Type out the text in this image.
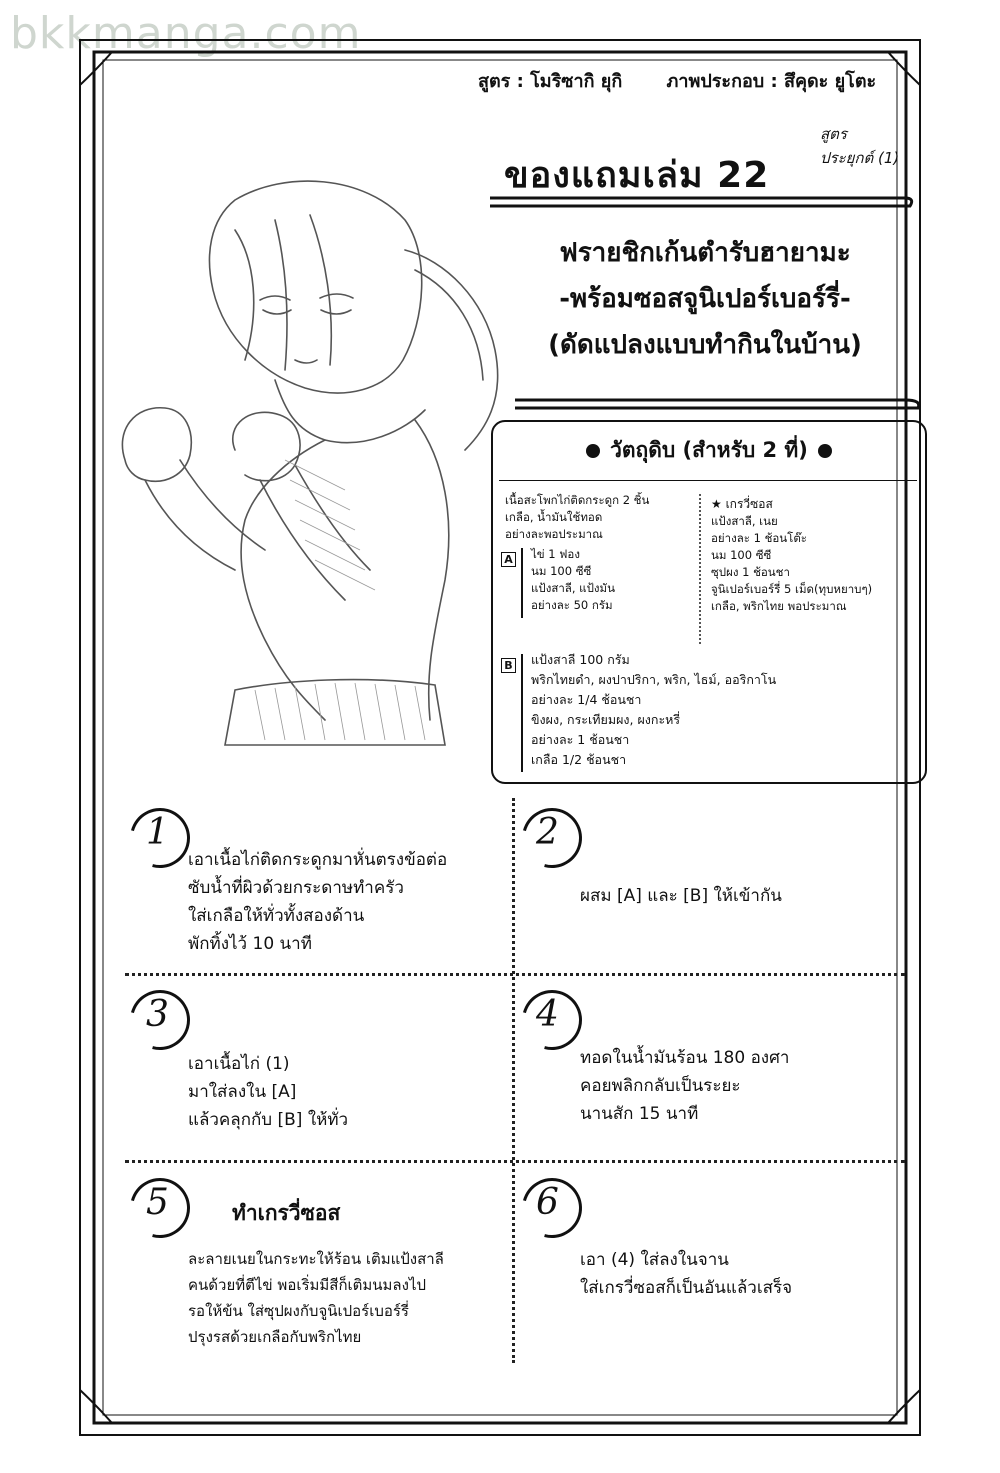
bkkmanga.com
สูตร : โมริซากิ ยุกิ ภาพประกอบ : สึคุดะ ยูโตะ
สูตร
ประยุกต์ (1)
ของแถมเล่ม 22
ฟรายชิกเก้นตำรับฮายามะ
-พร้อมซอสจูนิเปอร์เบอร์รี่-
(ดัดแปลงแบบทำกินในบ้าน)
วัตถุดิบ (สำหรับ 2 ที่)
เนื้อสะโพกไก่ติดกระดูก 2 ชิ้น
เกลือ, น้ำมันใช้ทอด
อย่างละพอประมาณ
A ไข่ 1 ฟอง
นม 100 ซีซี
แป้งสาลี, แป้งมัน
อย่างละ 50 กรัม
★ เกรวี่ซอส
แป้งสาลี, เนย
อย่างละ 1 ช้อนโต๊ะ
นม 100 ซีซี
ซุปผง 1 ช้อนชา
จูนิเปอร์เบอร์รี่ 5 เม็ด(ทุบหยาบๆ)
เกลือ, พริกไทย พอประมาณ
B แป้งสาลี 100 กรัม
พริกไทยดำ, ผงปาปริกา, พริก, ไธม์, ออริกาโน
อย่างละ 1/4 ช้อนชา
ขิงผง, กระเทียมผง, ผงกะหรี่
อย่างละ 1 ช้อนชา
เกลือ 1/2 ช้อนชา
1
เอาเนื้อไก่ติดกระดูกมาหั่นตรงข้อต่อ
ซับน้ำที่ผิวด้วยกระดาษทำครัว
ใส่เกลือให้ทั่วทั้งสองด้าน
พักทิ้งไว้ 10 นาที
2
ผสม [A] และ [B] ให้เข้ากัน
3
เอาเนื้อไก่ (1)
มาใส่ลงใน [A]
แล้วคลุกกับ [B] ให้ทั่ว
4
ทอดในน้ำมันร้อน 180 องศา
คอยพลิกกลับเป็นระยะ
นานสัก 15 นาที
5	ทำเกรวี่ซอส
ละลายเนยในกระทะให้ร้อน เติมแป้งสาลี
คนด้วยที่ตีไข่ พอเริ่มมีสีก็เติมนมลงไป
รอให้ข้น ใส่ซุปผงกับจูนิเปอร์เบอร์รี่
ปรุงรสด้วยเกลือกับพริกไทย
6
เอา (4) ใส่ลงในจาน
ใส่เกรวี่ซอสก็เป็นอันแล้วเสร็จ
